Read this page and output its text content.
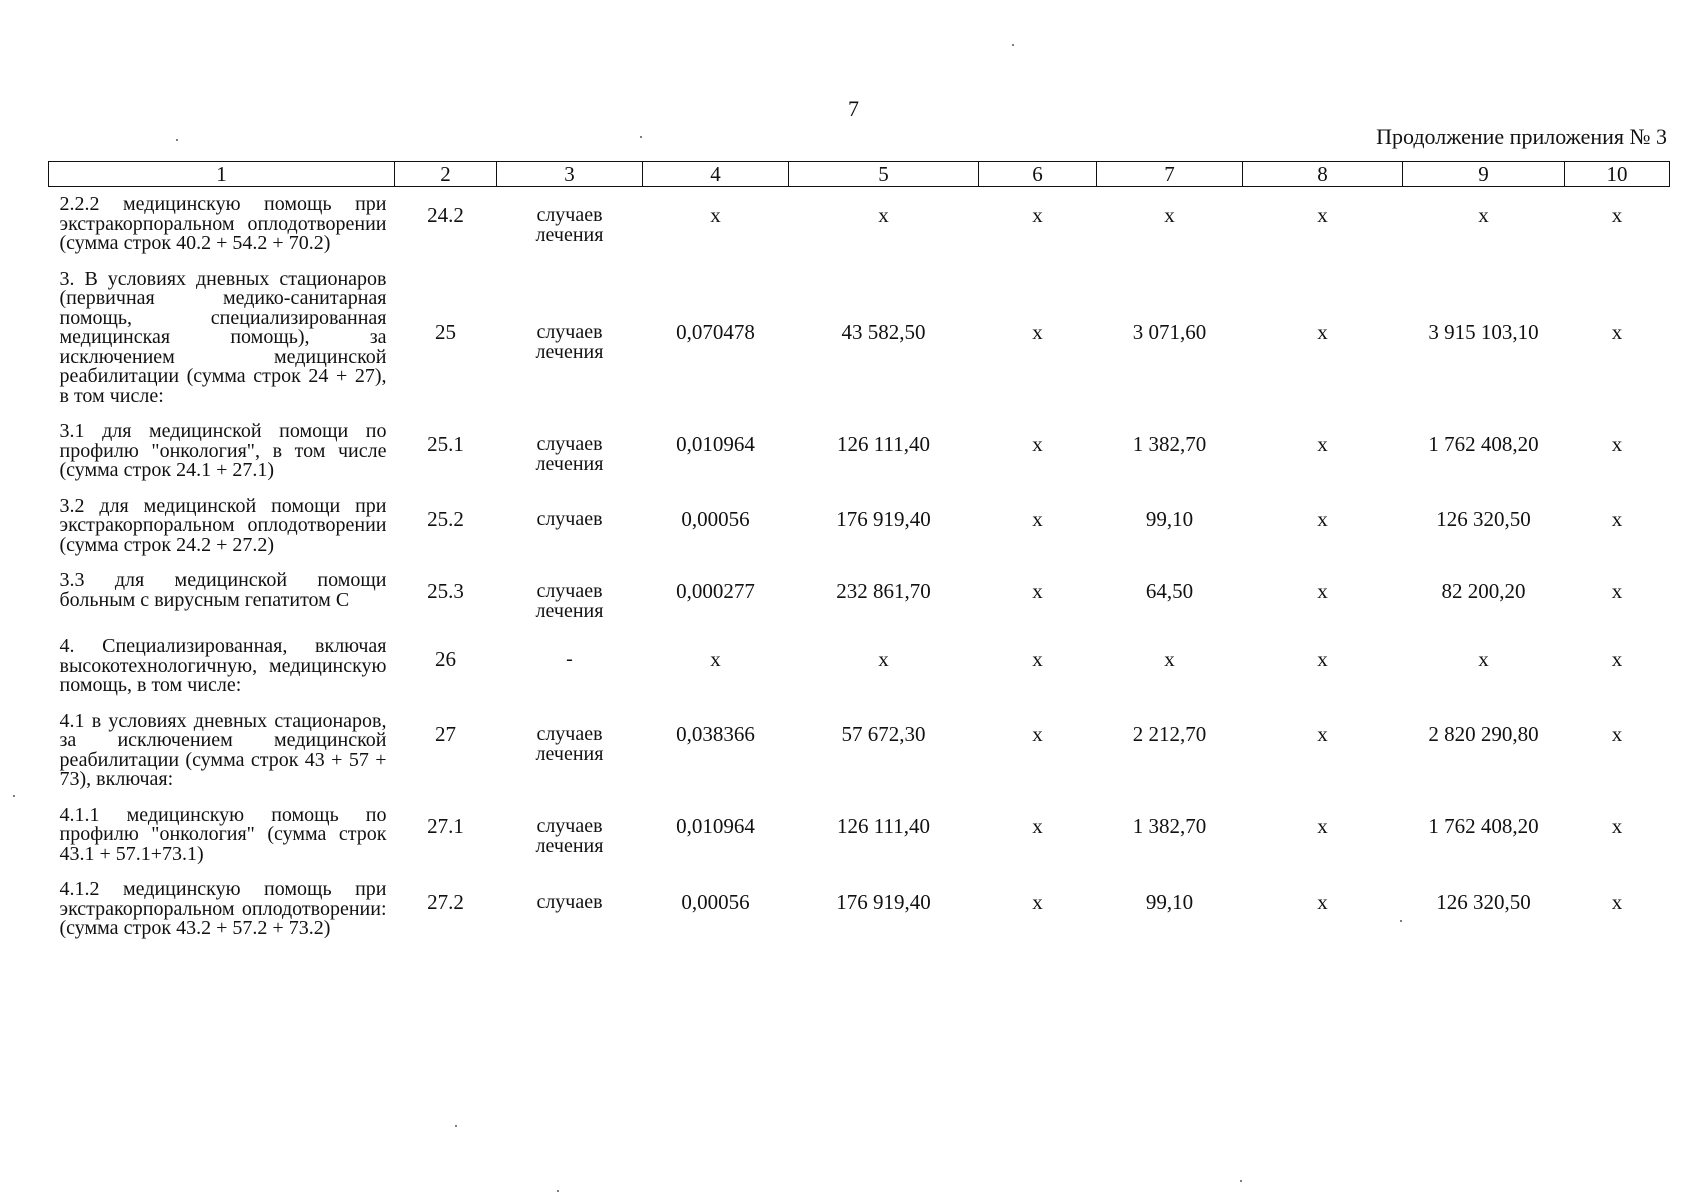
7
Продолжение приложения № 3
1	2	3	4	5	6	7	8	9	10
2.2.2 медицинскую помощь при экстракорпоральном оплодотворении (сумма строк 40.2 + 54.2 + 70.2)	24.2	случаев лечения	x	x	x	x	x	x	x
3. В условиях дневных стационаров (первичная медико-санитарная помощь, специализированная медицинская помощь), за исключением медицинской реабилитации (сумма строк 24 + 27), в том числе:	25	случаев лечения	0,070478	43 582,50	x	3 071,60	x	3 915 103,10	x
3.1 для медицинской помощи по профилю "онкология", в том числе (сумма строк 24.1 + 27.1)	25.1	случаев лечения	0,010964	126 111,40	x	1 382,70	x	1 762 408,20	x
3.2 для медицинской помощи при экстракорпоральном оплодотворении (сумма строк 24.2 + 27.2)	25.2	случаев	0,00056	176 919,40	x	99,10	x	126 320,50	x
3.3 для медицинской помощи больным с вирусным гепатитом С	25.3	случаев лечения	0,000277	232 861,70	x	64,50	x	82 200,20	x
4. Специализированная, включая высокотехнологичную, медицинскую помощь, в том числе:	26	-	x	x	x	x	x	x	x
4.1 в условиях дневных стационаров, за исключением медицинской реабилитации (сумма строк 43 + 57 + 73), включая:	27	случаев лечения	0,038366	57 672,30	x	2 212,70	x	2 820 290,80	x
4.1.1 медицинскую помощь по профилю "онкология" (сумма строк 43.1 + 57.1+73.1)	27.1	случаев лечения	0,010964	126 111,40	x	1 382,70	x	1 762 408,20	x
4.1.2 медицинскую помощь при экстракорпоральном оплодотворении: (сумма строк 43.2 + 57.2 + 73.2)	27.2	случаев	0,00056	176 919,40	x	99,10	x	126 320,50	x
